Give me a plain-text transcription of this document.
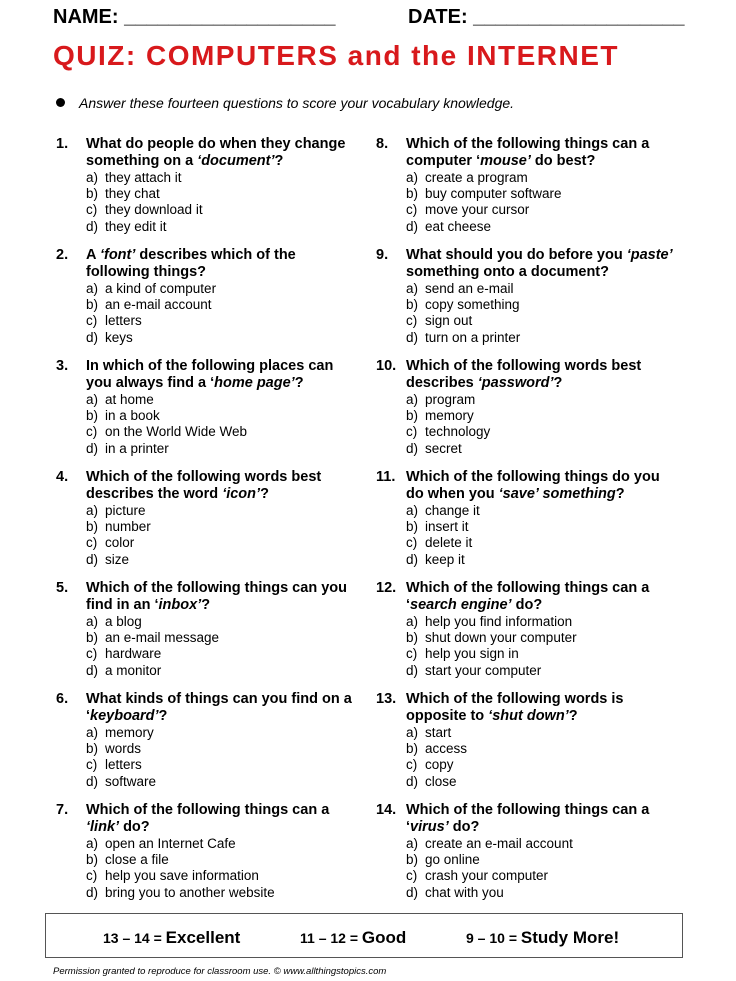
NAME: ___________________	DATE: ___________________
QUIZ: COMPUTERS and the INTERNET
Answer these fourteen questions to score your vocabulary knowledge.
1. What do people do when they change something on a ‘document’?
a) they attach it
b) they chat
c) they download it
d) they edit it
2. A ‘font’ describes which of the following things?
a) a kind of computer
b) an e-mail account
c) letters
d) keys
3. In which of the following places can you always find a ‘home page’?
a) at home
b) in a book
c) on the World Wide Web
d) in a printer
4. Which of the following words best describes the word ‘icon’?
a) picture
b) number
c) color
d) size
5. Which of the following things can you find in an ‘inbox’?
a) a blog
b) an e-mail message
c) hardware
d) a monitor
6. What kinds of things can you find on a ‘keyboard’?
a) memory
b) words
c) letters
d) software
7. Which of the following things can a ‘link’ do?
a) open an Internet Cafe
b) close a file
c) help you save information
d) bring you to another website
8. Which of the following things can a computer ‘mouse’ do best?
a) create a program
b) buy computer software
c) move your cursor
d) eat cheese
9. What should you do before you ‘paste’ something onto a document?
a) send an e-mail
b) copy something
c) sign out
d) turn on a printer
10. Which of the following words best describes ‘password’?
a) program
b) memory
c) technology
d) secret
11. Which of the following things do you do when you ‘save’ something?
a) change it
b) insert it
c) delete it
d) keep it
12. Which of the following things can a ‘search engine’ do?
a) help you find information
b) shut down your computer
c) help you sign in
d) start your computer
13. Which of the following words is opposite to ‘shut down’?
a) start
b) access
c) copy
d) close
14. Which of the following things can a ‘virus’ do?
a) create an e-mail account
b) go online
c) crash your computer
d) chat with you
13 – 14 = Excellent	11 – 12 = Good	9 – 10 = Study More!
Permission granted to reproduce for classroom use. © www.allthingstopics.com
